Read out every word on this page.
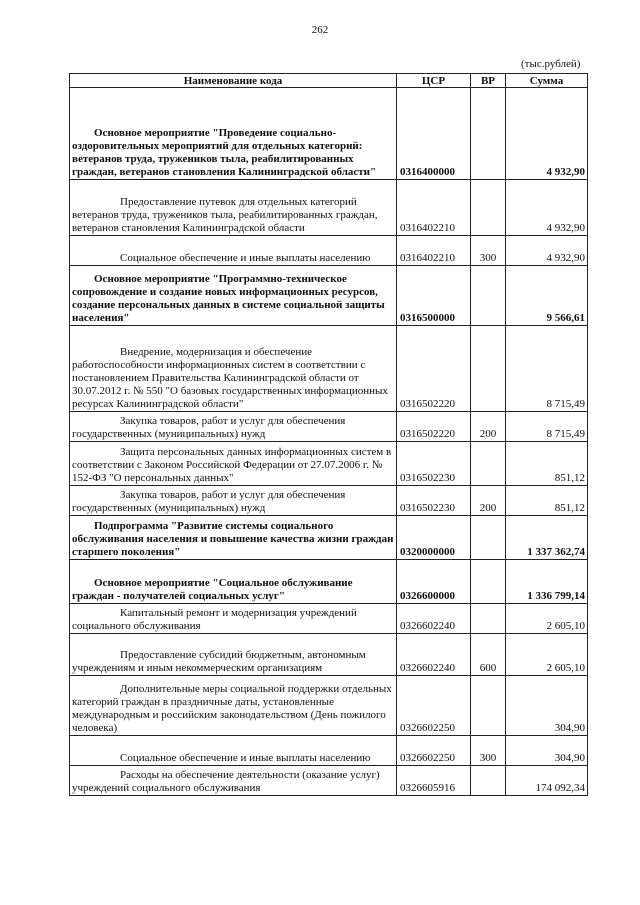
262
(тыс.рублей)
Наименование кода	ЦСР	ВР	Сумма
Основное мероприятие "Проведение социально-оздоровительных мероприятий для отдельных категорий: ветеранов труда, тружеников тыла, реабилитированных граждан, ветеранов становления Калининградской области"	0316400000		4 932,90
Предоставление путевок для отдельных категорий ветеранов труда, тружеников тыла, реабилитированных граждан, ветеранов становления Калининградской области	0316402210		4 932,90
Социальное обеспечение и иные выплаты населению	0316402210	300	4 932,90
Основное мероприятие "Программно-техническое сопровождение и создание новых информационных ресурсов, создание персональных данных в системе социальной защиты населения"	0316500000		9 566,61
Внедрение, модернизация и обеспечение работоспособности информационных систем в соответствии с постановлением Правительства Калининградской области от 30.07.2012 г. № 550 "О базовых государственных информационных ресурсах Калининградской области"	0316502220		8 715,49
Закупка товаров, работ и услуг для обеспечения государственных (муниципальных) нужд	0316502220	200	8 715,49
Защита персональных данных информационных систем в соответствии с Законом Российской Федерации от 27.07.2006 г. № 152-ФЗ "О персональных данных"	0316502230		851,12
Закупка товаров, работ и услуг для обеспечения государственных (муниципальных) нужд	0316502230	200	851,12
Подпрограмма "Развитие системы социального обслуживания населения и повышение качества жизни граждан старшего поколения"	0320000000		1 337 362,74
Основное мероприятие "Социальное обслуживание граждан - получателей социальных услуг"	0326600000		1 336 799,14
Капитальный ремонт и модернизация учреждений социального обслуживания	0326602240		2 605,10
Предоставление субсидий бюджетным, автономным учреждениям и иным некоммерческим организациям	0326602240	600	2 605,10
Дополнительные меры социальной поддержки отдельных категорий граждан в праздничные даты, установленные международным и российским законодательством (День пожилого человека)	0326602250		304,90
Социальное обеспечение и иные выплаты населению	0326602250	300	304,90
Расходы на обеспечение деятельности (оказание услуг) учреждений социального обслуживания	0326605916		174 092,34
